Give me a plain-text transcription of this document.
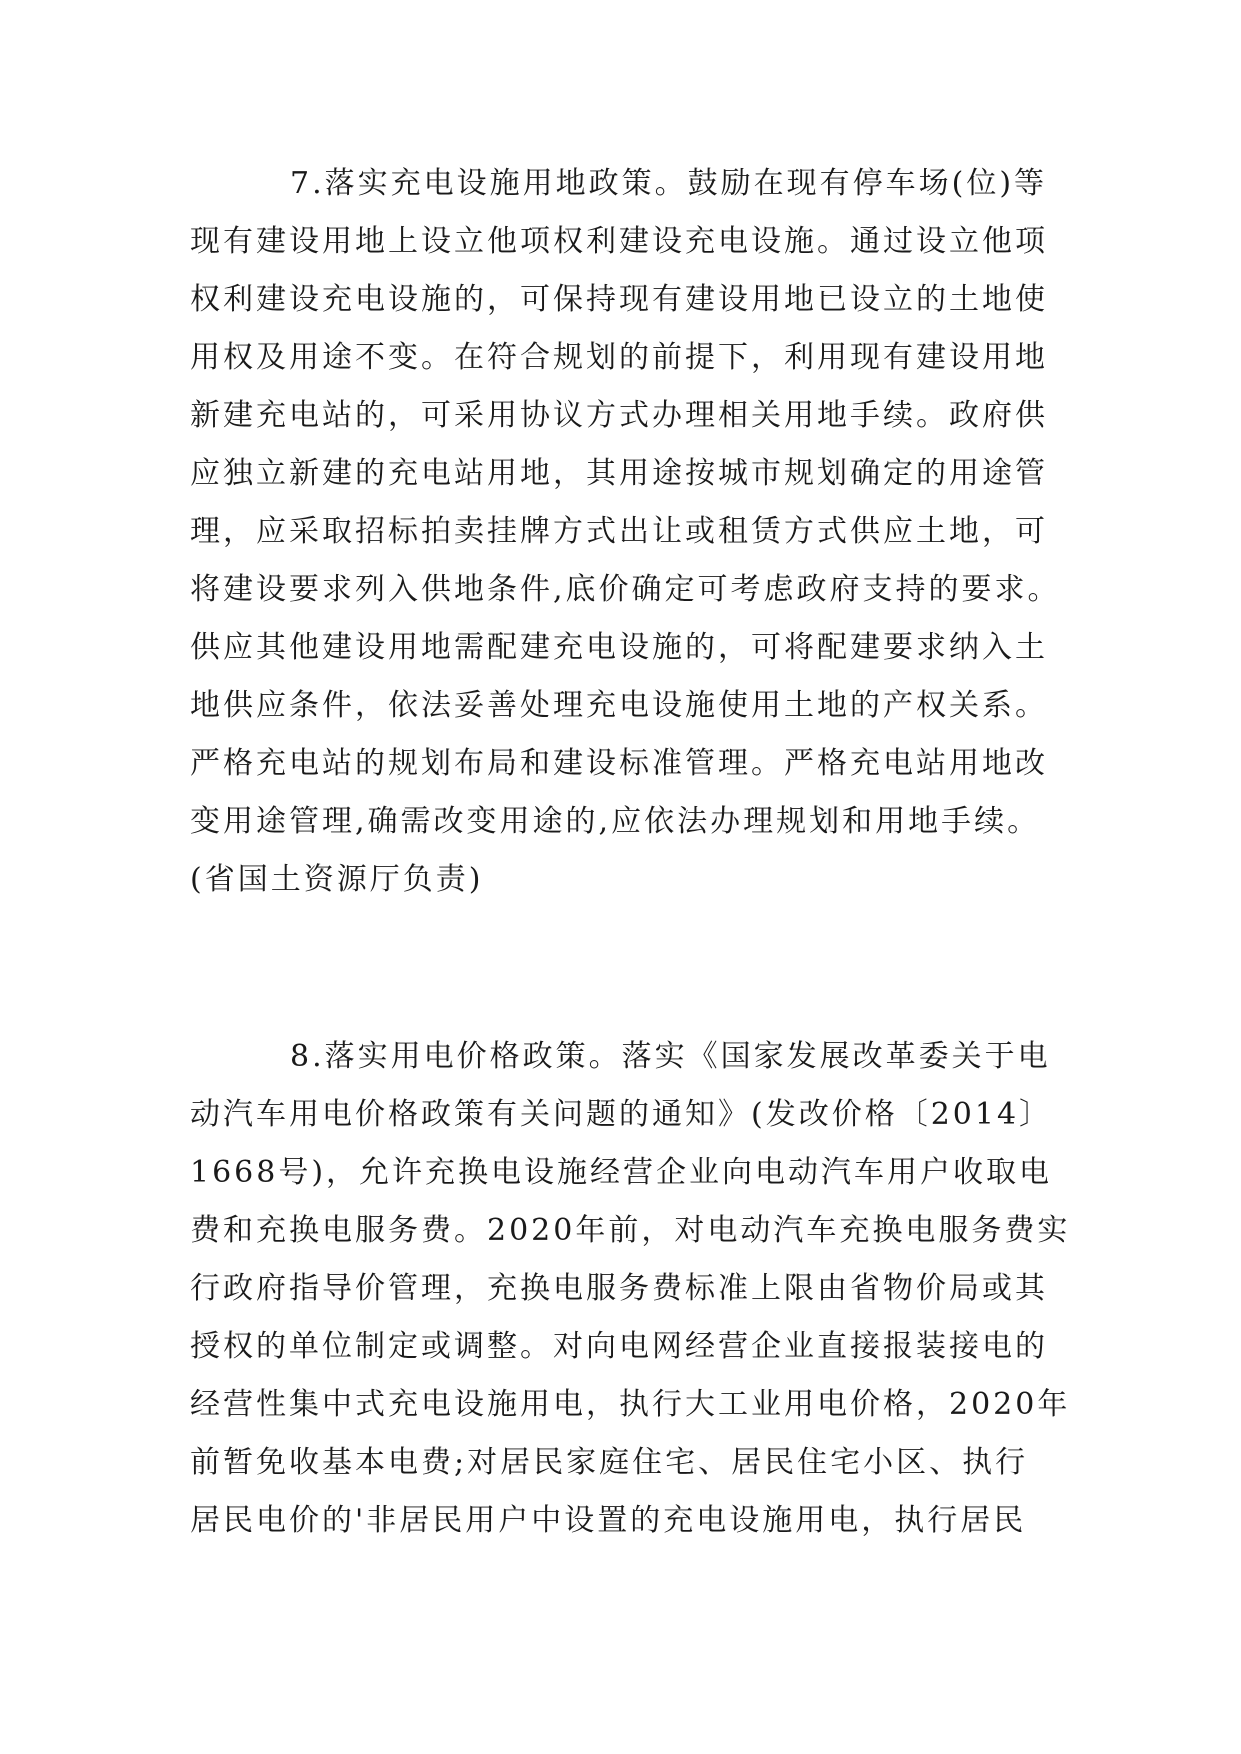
7.落实充电设施用地政策。鼓励在现有停车场(位)等
现有建设用地上设立他项权利建设充电设施。通过设立他项
权利建设充电设施的，可保持现有建设用地已设立的土地使
用权及用途不变。在符合规划的前提下，利用现有建设用地
新建充电站的，可采用协议方式办理相关用地手续。政府供
应独立新建的充电站用地，其用途按城市规划确定的用途管
理，应采取招标拍卖挂牌方式出让或租赁方式供应土地，可
将建设要求列入供地条件,底价确定可考虑政府支持的要求。
供应其他建设用地需配建充电设施的，可将配建要求纳入土
地供应条件，依法妥善处理充电设施使用土地的产权关系。
严格充电站的规划布局和建设标准管理。严格充电站用地改
变用途管理,确需改变用途的,应依法办理规划和用地手续。
(省国土资源厅负责)
8.落实用电价格政策。落实《国家发展改革委关于电
动汽车用电价格政策有关问题的通知》(发改价格〔2014〕
1668号)，允许充换电设施经营企业向电动汽车用户收取电
费和充换电服务费。2020年前，对电动汽车充换电服务费实
行政府指导价管理，充换电服务费标准上限由省物价局或其
授权的单位制定或调整。对向电网经营企业直接报装接电的
经营性集中式充电设施用电，执行大工业用电价格，2020年
前暂免收基本电费;对居民家庭住宅、居民住宅小区、执行
居民电价的'非居民用户中设置的充电设施用电，执行居民
